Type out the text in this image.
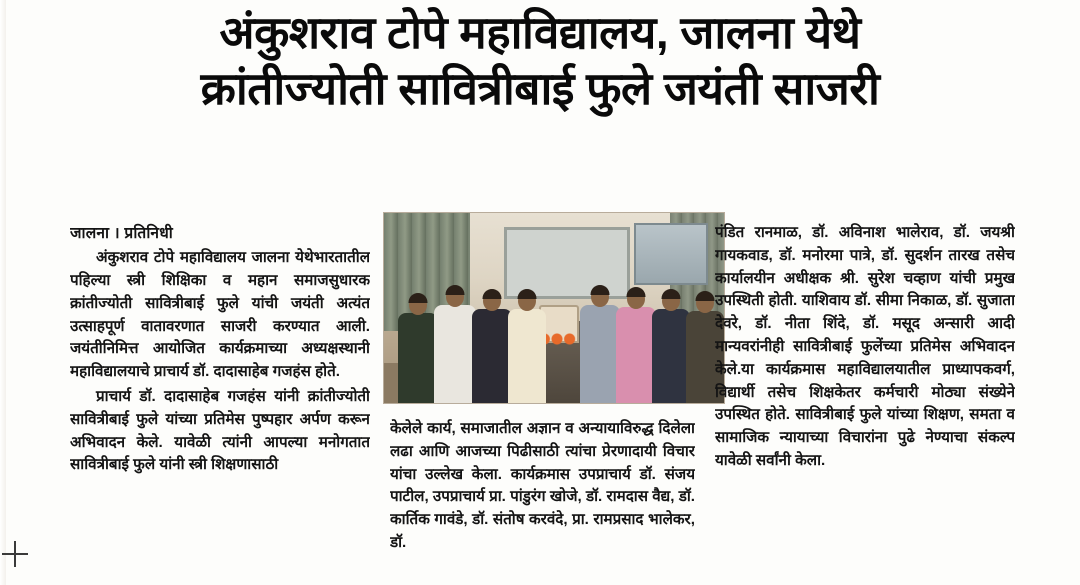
अंकुशराव टोपे महाविद्यालय, जालना येथे
क्रांतीज्योती सावित्रीबाई फुले जयंती साजरी
जालना । प्रतिनिधी

अंकुशराव टोपे महाविद्यालय जालना येथेभारतातील पहिल्या स्त्री शिक्षिका व महान समाजसुधारक क्रांतीज्योती सावित्रीबाई फुले यांची जयंती अत्यंत उत्साहपूर्ण वातावरणात साजरी करण्यात आली. जयंतीनिमित्त आयोजित कार्यक्रमाच्या अध्यक्षस्थानी महाविद्यालयाचे प्राचार्य डॉ. दादासाहेब गजहंस होते.

प्राचार्य डॉ. दादासाहेब गजहंस यांनी क्रांतीज्योती सावित्रीबाई फुले यांच्या प्रतिमेस पुष्पहार अर्पण करून अभिवादन केले. यावेळी त्यांनी आपल्या मनोगतात सावित्रीबाई फुले यांनी स्त्री शिक्षणासाठी

केलेले कार्य, समाजातील अज्ञान व अन्यायाविरुद्ध दिलेला लढा आणि आजच्या पिढीसाठी त्यांचा प्रेरणादायी विचार यांचा उल्लेख केला. कार्यक्रमास उपप्राचार्य डॉ. संजय पाटील, उपप्राचार्य प्रा. पांडुरंग खोजे, डॉ. रामदास वैद्य, डॉ. कार्तिक गावंडे, डॉ. संतोष करवंदे, प्रा. रामप्रसाद भालेकर, डॉ.

पंडित रानमाळ, डॉ. अविनाश भालेराव, डॉ. जयश्री गायकवाड, डॉ. मनोरमा पात्रे, डॉ. सुदर्शन तारख तसेच कार्यालयीन अधीक्षक श्री. सुरेश चव्हाण यांची प्रमुख उपस्थिती होती. याशिवाय डॉ. सीमा निकाळ, डॉ. सुजाता देवरे, डॉ. नीता शिंदे, डॉ. मसूद अन्सारी आदी मान्यवरांनीही सावित्रीबाई फुलेंच्या प्रतिमेस अभिवादन केले.या कार्यक्रमास महाविद्यालयातील प्राध्यापकवर्ग, विद्यार्थी तसेच शिक्षकेतर कर्मचारी मोठ्या संख्येने उपस्थित होते. सावित्रीबाई फुले यांच्या शिक्षण, समता व सामाजिक न्यायाच्या विचारांना पुढे नेण्याचा संकल्प यावेळी सर्वांनी केला.
